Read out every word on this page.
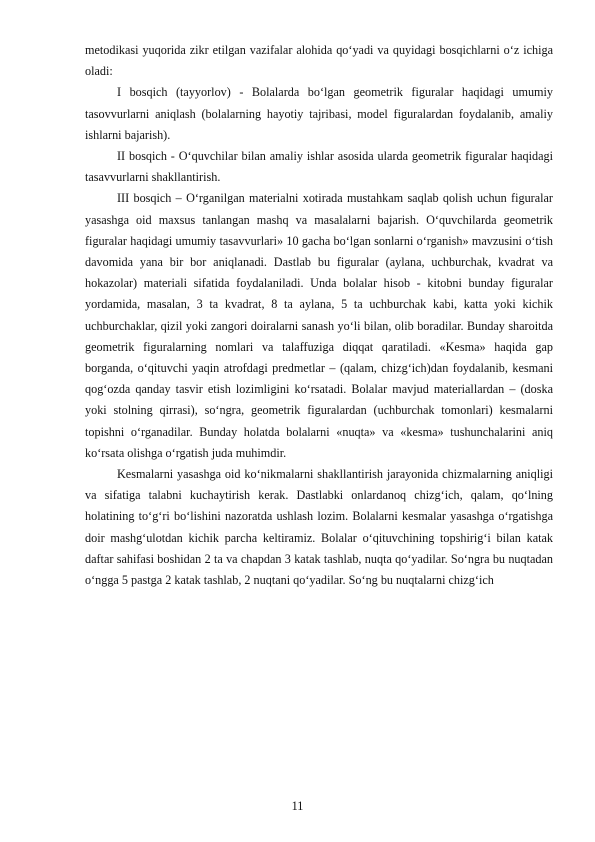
metodikasi yuqorida zikr etilgan vazifalar alohida qo‘yadi va quyidagi bosqichlarni o‘z ichiga oladi:

I bosqich (tayyorlov) - Bolalarda bo‘lgan geometrik figuralar haqidagi umumiy tasovvurlarni aniqlash (bolalarning hayotiy tajribasi, model figuralardan foydalanib, amaliy ishlarni bajarish).

II bosqich - O‘quvchilar bilan amaliy ishlar asosida ularda geometrik figuralar haqidagi tasavvurlarni shakllantirish.

III bosqich – O‘rganilgan materialni xotirada mustahkam saqlab qolish uchun figuralar yasashga oid maxsus tanlangan mashq va masalalarni bajarish. O‘quvchilarda geometrik figuralar haqidagi umumiy tasavvurlari» 10 gacha bo‘lgan sonlarni o‘rganish» mavzusini o‘tish davomida yana bir bor aniqlanadi. Dastlab bu figuralar (aylana, uchburchak, kvadrat va hokazolar) materiali sifatida foydalaniladi. Unda bolalar hisob - kitobni bunday figuralar yordamida, masalan, 3 ta kvadrat, 8 ta aylana, 5 ta uchburchak kabi, katta yoki kichik uchburchaklar, qizil yoki zangori doiralarni sanash yo‘li bilan, olib boradilar. Bunday sharoitda geometrik figuralarning nomlari va talaffuziga diqqat qaratiladi. «Kesma» haqida gap borganda, o‘qituvchi yaqin atrofdagi predmetlar – (qalam, chizg‘ich)dan foydalanib, kesmani qog‘ozda qanday tasvir etish lozimligini ko‘rsatadi. Bolalar mavjud materiallardan – (doska yoki stolning qirrasi), so‘ngra, geometrik figuralardan (uchburchak tomonlari) kesmalarni topishni o‘rganadilar. Bunday holatda bolalarni «nuqta» va «kesma» tushunchalarini aniq ko‘rsata olishga o‘rgatish juda muhimdir.

Kesmalarni yasashga oid ko‘nikmalarni shakllantirish jarayonida chizmalarning aniqligi va sifatiga talabni kuchaytirish kerak. Dastlabki onlardanoq chizg‘ich, qalam, qo‘lning holatining to‘g‘ri bo‘lishini nazoratda ushlash lozim. Bolalarni kesmalar yasashga o‘rgatishga doir mashg‘ulotdan kichik parcha keltiramiz. Bolalar o‘qituvchining topshirig‘i bilan katak daftar sahifasi boshidan 2 ta va chapdan 3 katak tashlab, nuqta qo‘yadilar. So‘ngra bu nuqtadan o‘ngga 5 pastga 2 katak tashlab, 2 nuqtani qo‘yadilar. So‘ng bu nuqtalarni chizg‘ich

11
